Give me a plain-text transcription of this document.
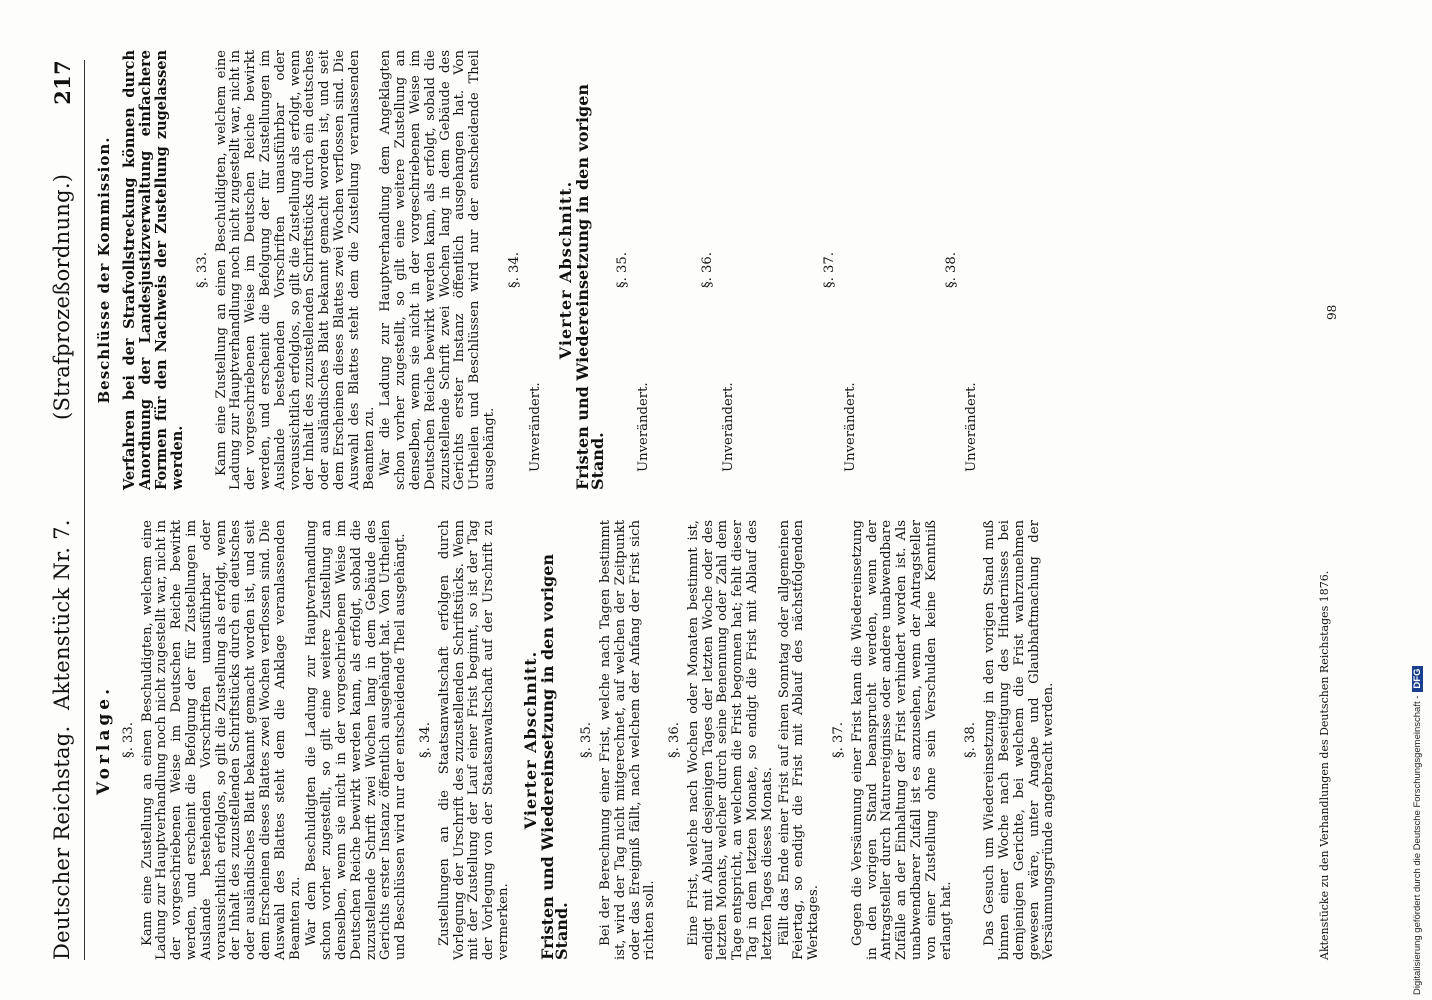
Deutscher Reichstag.
Aktenstück Nr. 7.
(Strafprozeßordnung.)
217
Vorlage. §. 33. Kann eine Zustellung an einen Beschuldigten, welchem eine Ladung zur Hauptverhandlung noch nicht zugestellt war, nicht in der vorgeschriebenen Weise im Deutschen Reiche bewirkt werden, und erscheint die Befolgung der für Zustellungen im Auslande bestehenden Vorschriften unausführbar oder voraussichtlich erfolglos, so gilt die Zustellung als erfolgt, wenn der Inhalt des zuzustellenden Schriftstücks durch ein deutsches oder ausländisches Blatt bekannt gemacht worden ist, und seit dem Erscheinen dieses Blattes zwei Wochen verflossen sind. Die Auswahl des Blattes steht dem die Anklage veranlassenden Beamten zu. War dem Beschuldigten die Ladung zur Hauptverhandlung schon vorher zugestellt, so gilt eine weitere Zustellung an denselben, wenn sie nicht in der vorgeschriebenen Weise im Deutschen Reiche bewirkt werden kann, als erfolgt, sobald die zuzustellende Schrift zwei Wochen lang in dem Gebäude des Gerichts erster Instanz öffentlich ausgehängt hat. Von Urtheilen und Beschlüssen wird nur der entscheidende Theil ausgehängt. §. 34. Zustellungen an die Staatsanwaltschaft erfolgen durch Vorlegung der Urschrift des zuzustellenden Schriftstücks. Wenn mit der Zustellung der Lauf einer Frist beginnt, so ist der Tag der Vorlegung von der Staatsanwaltschaft auf der Urschrift zu vermerken.

Vierter Abschnitt.
Fristen und Wiedereinsetzung in den vorigen Stand.
§. 35. Bei der Berechnung einer Frist, welche nach Tagen bestimmt ist, wird der Tag nicht mitgerechnet, auf welchen der Zeitpunkt oder das Ereigniß fällt, nach welchem der Anfang der Frist sich richten soll.

§. 36. Eine Frist, welche nach Wochen oder Monaten bestimmt ist, endigt mit Ablauf desjenigen Tages der letzten Woche oder des letzten Monats, welcher durch seine Benennung oder Zahl dem Tage entspricht, an welchem die Frist begonnen hat; fehlt dieser Tag in dem letzten Monate, so endigt die Frist mit Ablauf des letzten Tages dieses Monats. Fällt das Ende einer Frist auf einen Sonntag oder allgemeinen Feiertag, so endigt die Frist mit Ablauf des nächstfolgenden Werktages.

§. 37. Gegen die Versäumung einer Frist kann die Wiedereinsetzung in den vorigen Stand beansprucht werden, wenn der Antragsteller durch Naturereignisse oder andere unabwendbare Zufälle an der Einhaltung der Frist verhindert worden ist. Als unabwendbarer Zufall ist es anzusehen, wenn der Antragsteller von einer Zustellung ohne sein Verschulden keine Kenntniß erlangt hat.

§. 38. Das Gesuch um Wiedereinsetzung in den vorigen Stand muß binnen einer Woche nach Beseitigung des Hindernisses bei demjenigen Gerichte, bei welchem die Frist wahrzunehmen gewesen wäre, unter Angabe und Glaubhaftmachung der Versäumungsgründe angebracht werden.

Beschlüsse der Kommission. Verfahren bei der Strafvollstreckung können durch Anordnung der Landesjustizverwaltung einfachere Formen für den Nachweis der Zustellung zugelassen werden.
§. 33. Kann eine Zustellung an einen Beschuldigten, welchem eine Ladung zur Hauptverhandlung noch nicht zugestellt war, nicht in der vorgeschriebenen Weise im Deutschen Reiche bewirkt werden, und erscheint die Befolgung der für Zustellungen im Auslande bestehenden Vorschriften unausführbar oder voraussichtlich erfolglos, so gilt die Zustellung als erfolgt, wenn der Inhalt des zuzustellenden Schriftstücks durch ein deutsches oder ausländisches Blatt bekannt gemacht worden ist, und seit dem Erscheinen dieses Blattes zwei Wochen verflossen sind. Die Auswahl des Blattes steht dem die Zustellung veranlassenden Beamten zu. War die Ladung zur Hauptverhandlung dem Angeklagten schon vorher zugestellt, so gilt eine weitere Zustellung an denselben, wenn sie nicht in der vorgeschriebenen Weise im Deutschen Reiche bewirkt werden kann, als erfolgt, sobald die zuzustellende Schrift zwei Wochen lang in dem Gebäude des Gerichts erster Instanz öffentlich ausgehangen hat. Von Urtheilen und Beschlüssen wird nur der entscheidende Theil ausgehängt.

§. 34.
Unverändert.
Vierter Abschnitt.
Fristen und Wiedereinsetzung in den vorigen Stand.
§. 35.
Unverändert.
§. 36.
Unverändert.
§. 37.
Unverändert.
§. 38.
Unverändert.
Aktenstücke zu den Verhandlungen des Deutschen Reichstages 1876.
98
Digitalisierung gefördert durch die Deutsche Forschungsgemeinschaft -DFG
